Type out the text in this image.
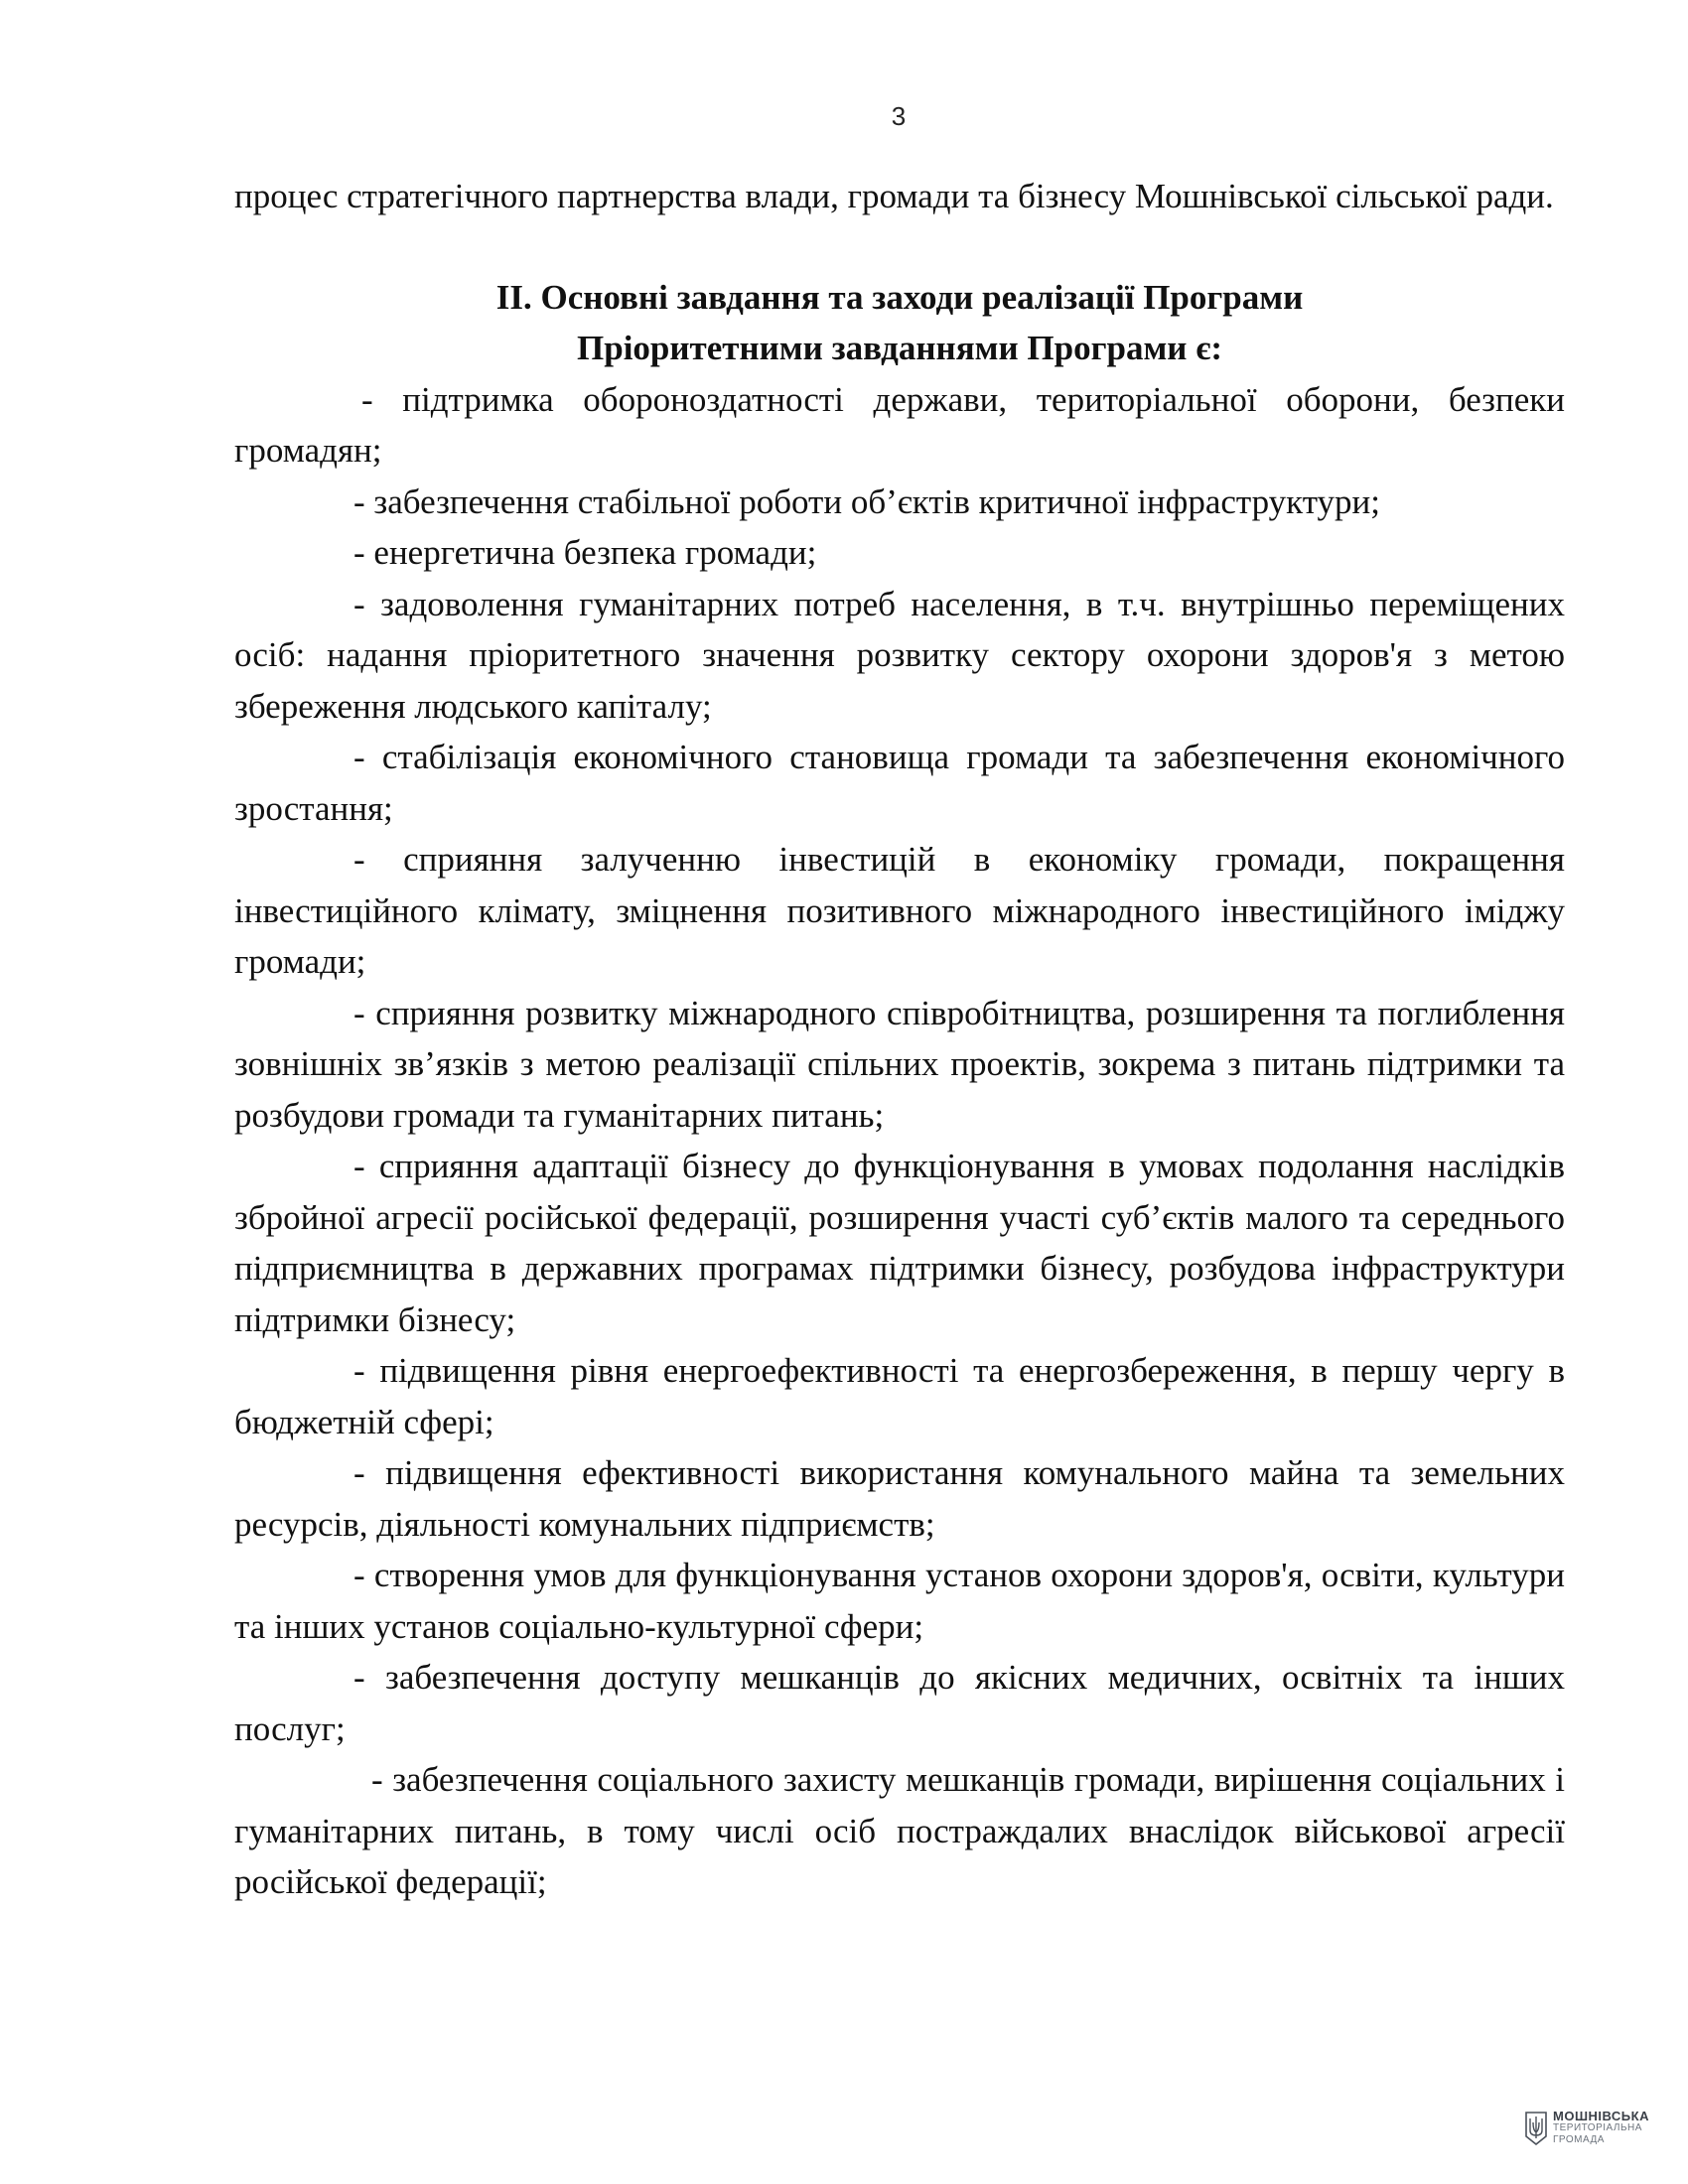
3

процес стратегічного партнерства влади, громади та бізнесу Мошнівської сільської ради.

ІІ. Основні завдання та заходи реалізації Програми
Пріоритетними завданнями Програми є:

- підтримка обороноздатності держави, територіальної оборони, безпеки громадян;

- забезпечення стабільної роботи об’єктів критичної інфраструктури;

- енергетична безпека громади;

- задоволення гуманітарних потреб населення, в т.ч. внутрішньо переміщених осіб: надання пріоритетного значення розвитку сектору охорони здоров'я з метою збереження людського капіталу;

- стабілізація економічного становища громади та забезпечення економічного зростання;

- сприяння залученню інвестицій в економіку громади, покращення інвестиційного клімату, зміцнення позитивного міжнародного інвестиційного іміджу громади;

- сприяння розвитку міжнародного співробітництва, розширення та поглиблення зовнішніх зв’язків з метою реалізації спільних проектів, зокрема з питань підтримки та розбудови громади та гуманітарних питань;

- сприяння адаптації бізнесу до функціонування в умовах подолання наслідків збройної агресії російської федерації, розширення участі суб’єктів малого та середнього підприємництва в державних програмах підтримки бізнесу, розбудова інфраструктури підтримки бізнесу;

- підвищення рівня енергоефективності та енергозбереження, в першу чергу в бюджетній сфері;

- підвищення ефективності використання комунального майна та земельних ресурсів, діяльності комунальних підприємств;

- створення умов для функціонування установ охорони здоров'я, освіти, культури та інших установ соціально-культурної сфери;

- забезпечення доступу мешканців до якісних медичних, освітніх та інших послуг;

- забезпечення соціального захисту мешканців громади, вирішення соціальних і гуманітарних питань, в тому числі осіб постраждалих внаслідок військової агресії російської федерації;

МОШНІВСЬКА
ТЕРИТОРІАЛЬНА
ГРОМАДА
